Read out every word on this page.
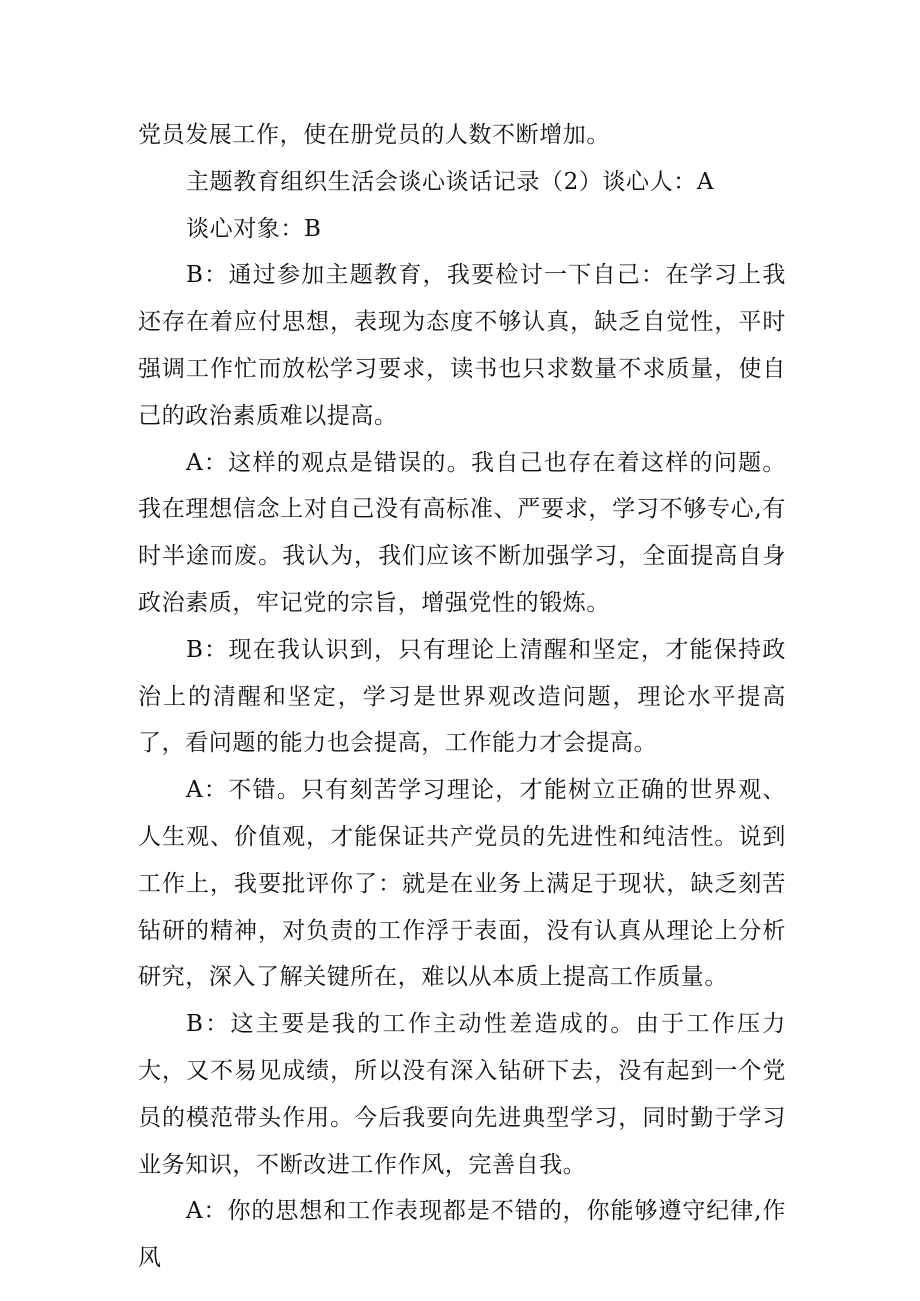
党员发展工作，使在册党员的人数不断增加。

主题教育组织生活会谈心谈话记录（2）谈心人：A

谈心对象：B

B：通过参加主题教育，我要检讨一下自己：在学习上我还存在着应付思想，表现为态度不够认真，缺乏自觉性，平时强调工作忙而放松学习要求，读书也只求数量不求质量，使自己的政治素质难以提高。

A：这样的观点是错误的。我自己也存在着这样的问题。我在理想信念上对自己没有高标准、严要求，学习不够专心,有时半途而废。我认为，我们应该不断加强学习，全面提高自身政治素质，牢记党的宗旨，增强党性的锻炼。

B：现在我认识到，只有理论上清醒和坚定，才能保持政治上的清醒和坚定，学习是世界观改造问题，理论水平提高了，看问题的能力也会提高，工作能力才会提高。

A：不错。只有刻苦学习理论，才能树立正确的世界观、人生观、价值观，才能保证共产党员的先进性和纯洁性。说到工作上，我要批评你了：就是在业务上满足于现状，缺乏刻苦钻研的精神，对负责的工作浮于表面，没有认真从理论上分析研究，深入了解关键所在，难以从本质上提高工作质量。

B：这主要是我的工作主动性差造成的。由于工作压力大，又不易见成绩，所以没有深入钻研下去，没有起到一个党员的模范带头作用。今后我要向先进典型学习，同时勤于学习业务知识，不断改进工作作风，完善自我。

A：你的思想和工作表现都是不错的，你能够遵守纪律,作风
